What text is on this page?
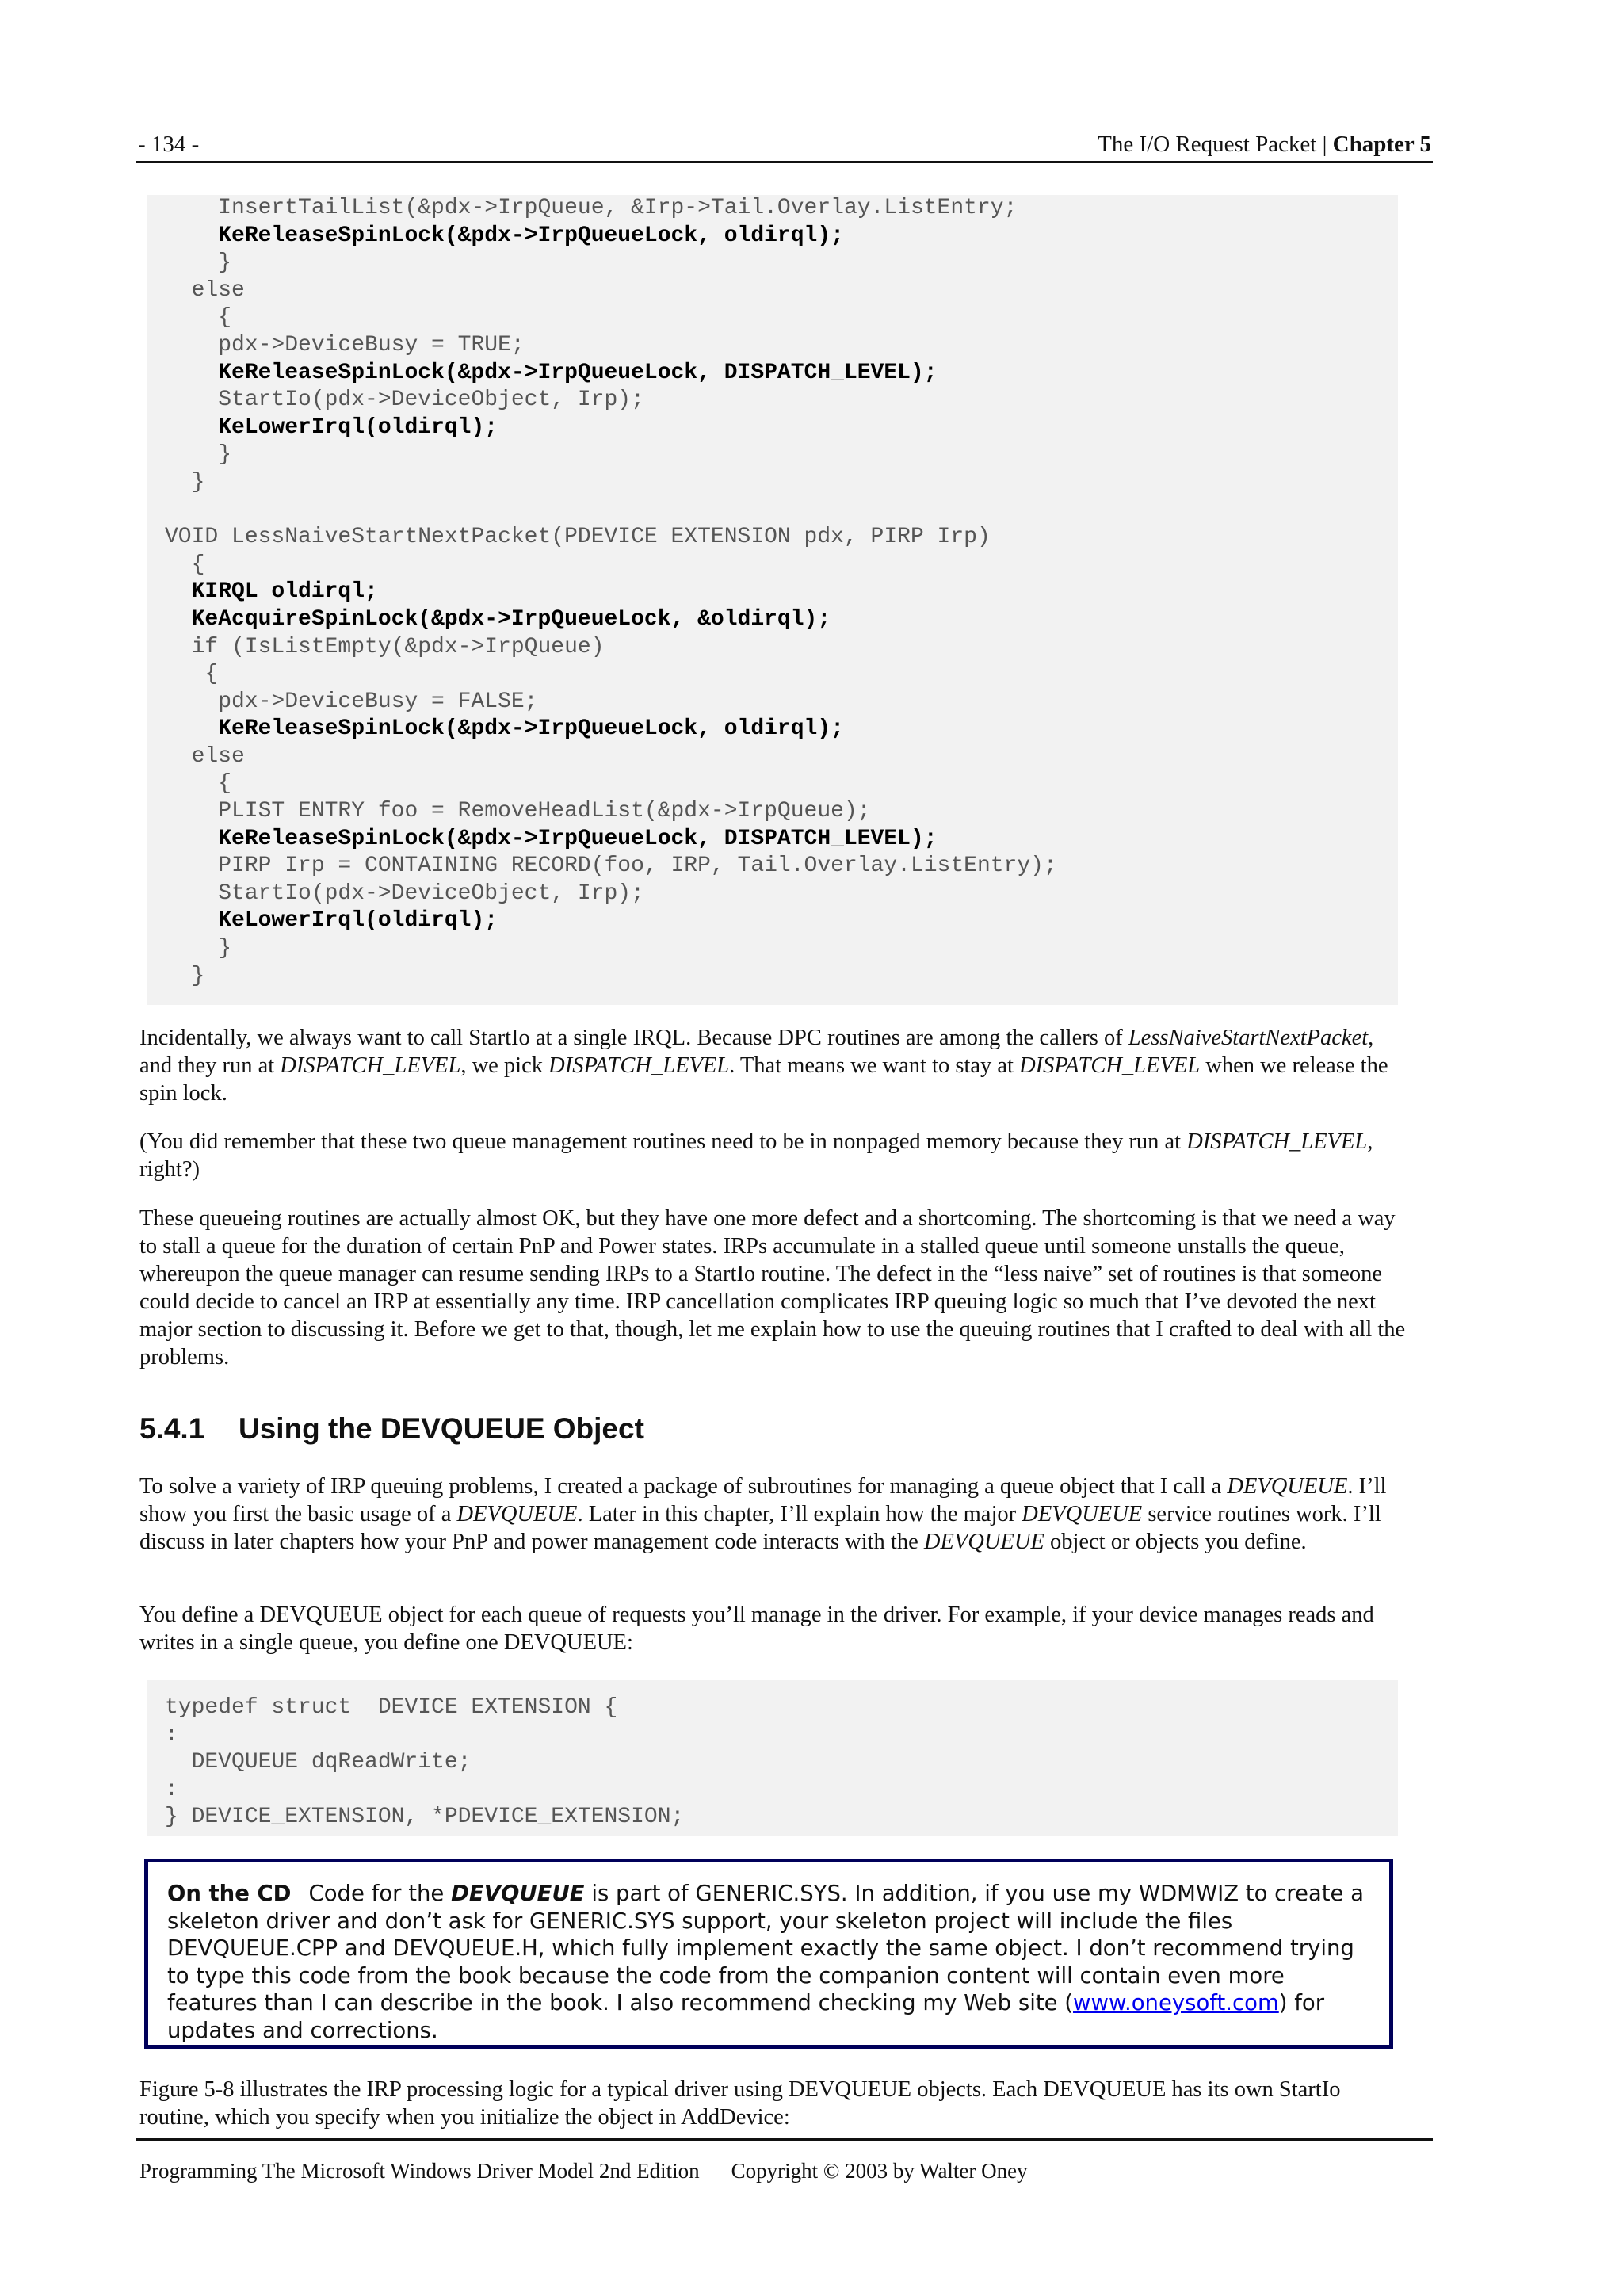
- 134 -	The I/O Request Packet | Chapter 5

InsertTailList(&pdx->IrpQueue, &Irp->Tail.Overlay.ListEntry;
KeReleaseSpinLock(&pdx->IrpQueueLock, oldirql);
}
else
{
pdx->DeviceBusy = TRUE;
KeReleaseSpinLock(&pdx->IrpQueueLock, DISPATCH_LEVEL);
StartIo(pdx->DeviceObject, Irp);
KeLowerIrql(oldirql);
}
}
VOID LessNaiveStartNextPacket(PDEVICE EXTENSION pdx, PIRP Irp)
{
KIRQL oldirql;
KeAcquireSpinLock(&pdx->IrpQueueLock, &oldirql);
if (IsListEmpty(&pdx->IrpQueue)
{
pdx->DeviceBusy = FALSE;
KeReleaseSpinLock(&pdx->IrpQueueLock, oldirql);
else
{
PLIST ENTRY foo = RemoveHeadList(&pdx->IrpQueue);
KeReleaseSpinLock(&pdx->IrpQueueLock, DISPATCH_LEVEL);
PIRP Irp = CONTAINING RECORD(foo, IRP, Tail.Overlay.ListEntry);
StartIo(pdx->DeviceObject, Irp);
KeLowerIrql(oldirql);
}
}

Incidentally, we always want to call StartIo at a single IRQL. Because DPC routines are among the callers of LessNaiveStartNextPacket, and they run at DISPATCH_LEVEL, we pick DISPATCH_LEVEL. That means we want to stay at DISPATCH_LEVEL when we release the spin lock.
(You did remember that these two queue management routines need to be in nonpaged memory because they run at DISPATCH_LEVEL, right?)
These queueing routines are actually almost OK, but they have one more defect and a shortcoming. The shortcoming is that we need a way to stall a queue for the duration of certain PnP and Power states. IRPs accumulate in a stalled queue until someone unstalls the queue, whereupon the queue manager can resume sending IRPs to a StartIo routine. The defect in the “less naive” set of routines is that someone could decide to cancel an IRP at essentially any time. IRP cancellation complicates IRP queuing logic so much that I’ve devoted the next major section to discussing it. Before we get to that, though, let me explain how to use the queuing routines that I crafted to deal with all the problems.
5.4.1 Using the DEVQUEUE Object
To solve a variety of IRP queuing problems, I created a package of subroutines for managing a queue object that I call a DEVQUEUE. I’ll show you first the basic usage of a DEVQUEUE. Later in this chapter, I’ll explain how the major DEVQUEUE service routines work. I’ll discuss in later chapters how your PnP and power management code interacts with the DEVQUEUE object or objects you define.
You define a DEVQUEUE object for each queue of requests you’ll manage in the driver. For example, if your device manages reads and writes in a single queue, you define one DEVQUEUE:

typedef struct  DEVICE EXTENSION {
:
DEVQUEUE dqReadWrite;
:
} DEVICE_EXTENSION, *PDEVICE_EXTENSION;

On the CD Code for the DEVQUEUE is part of GENERIC.SYS. In addition, if you use my WDMWIZ to create a skeleton driver and don’t ask for GENERIC.SYS support, your skeleton project will include the files DEVQUEUE.CPP and DEVQUEUE.H, which fully implement exactly the same object. I don’t recommend trying to type this code from the book because the code from the companion content will contain even more features than I can describe in the book. I also recommend checking my Web site (www.oneysoft.com) for updates and corrections.
Figure 5-8 illustrates the IRP processing logic for a typical driver using DEVQUEUE objects. Each DEVQUEUE has its own StartIo routine, which you specify when you initialize the object in AddDevice:
Programming The Microsoft Windows Driver Model 2nd Edition Copyright © 2003 by Walter Oney
